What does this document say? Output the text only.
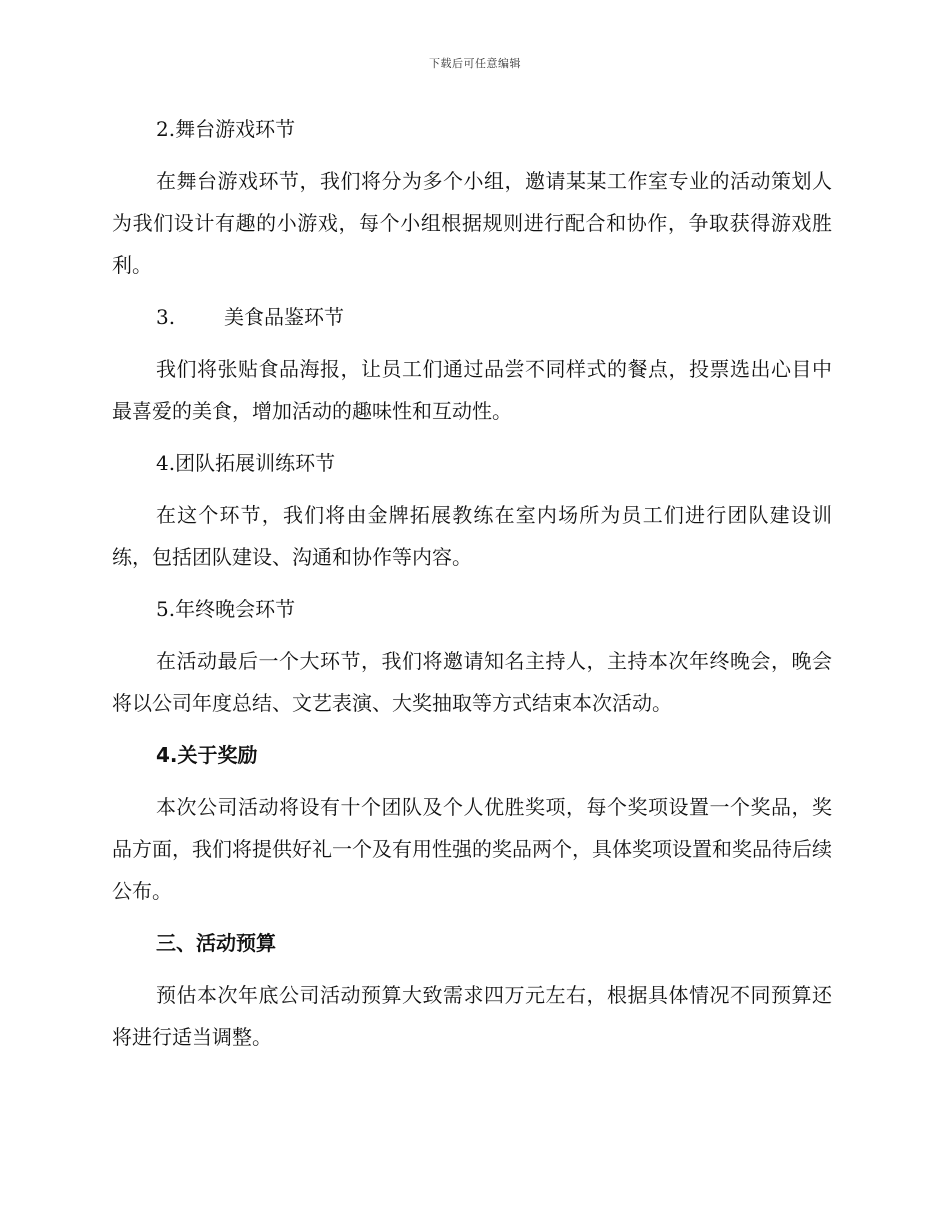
下载后可任意编辑
2.舞台游戏环节

在舞台游戏环节，我们将分为多个小组，邀请某某工作室专业的活动策划人为我们设计有趣的小游戏，每个小组根据规则进行配合和协作，争取获得游戏胜利。

3. 美食品鉴环节

我们将张贴食品海报，让员工们通过品尝不同样式的餐点，投票选出心目中最喜爱的美食，增加活动的趣味性和互动性。

4.团队拓展训练环节

在这个环节，我们将由金牌拓展教练在室内场所为员工们进行团队建设训练，包括团队建设、沟通和协作等内容。

5.年终晚会环节

在活动最后一个大环节，我们将邀请知名主持人，主持本次年终晚会，晚会将以公司年度总结、文艺表演、大奖抽取等方式结束本次活动。

4.关于奖励

本次公司活动将设有十个团队及个人优胜奖项，每个奖项设置一个奖品，奖品方面，我们将提供好礼一个及有用性强的奖品两个，具体奖项设置和奖品待后续公布。

三、活动预算

预估本次年底公司活动预算大致需求四万元左右，根据具体情况不同预算还将进行适当调整。
